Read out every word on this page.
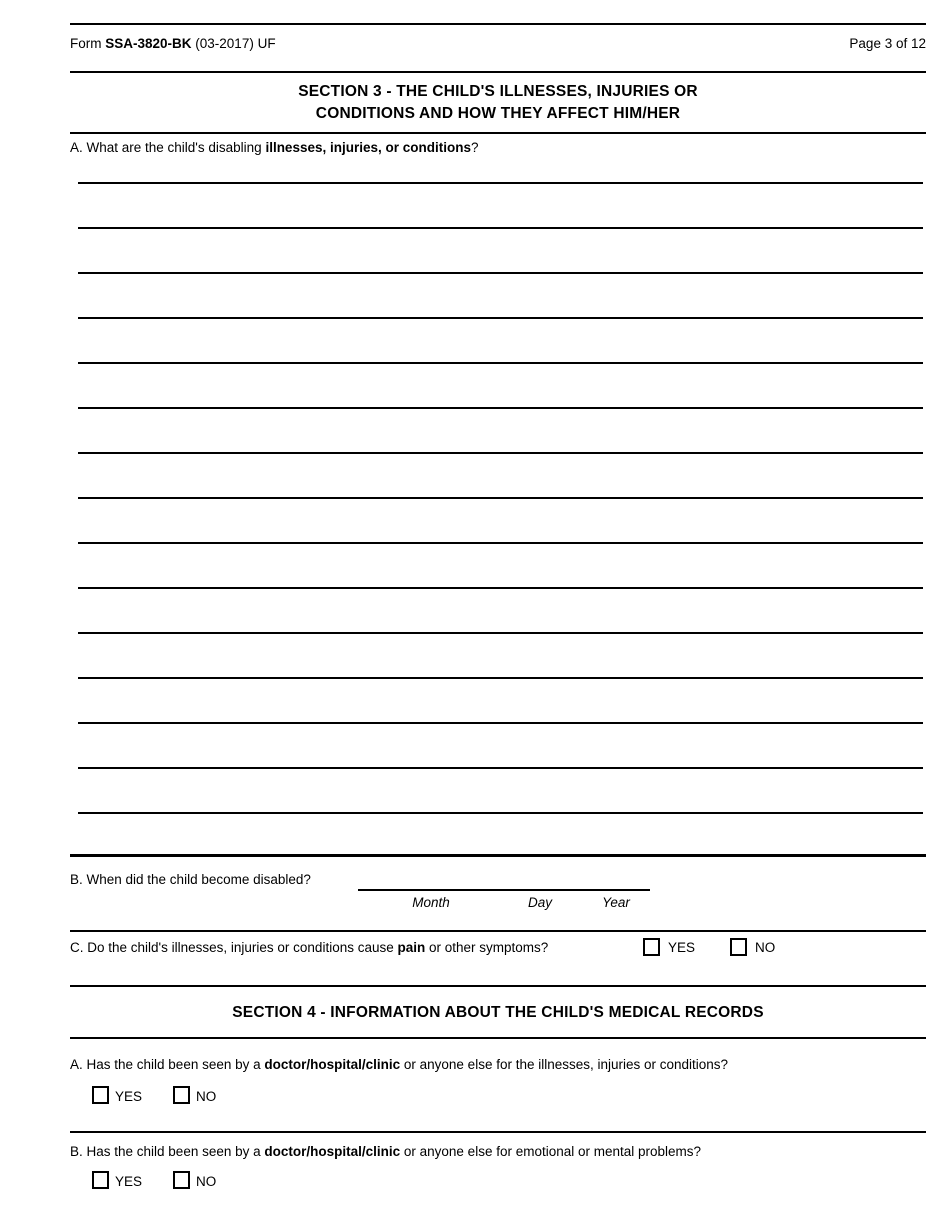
Form SSA-3820-BK (03-2017) UF	Page 3 of 12
SECTION 3 - THE CHILD'S ILLNESSES, INJURIES OR
CONDITIONS AND HOW THEY AFFECT HIM/HER
A. What are the child's disabling illnesses, injuries, or conditions?
B. When did the child become disabled?
Month	Day	Year
C. Do the child's illnesses, injuries or conditions cause pain or other symptoms?	YES	NO
SECTION 4 - INFORMATION ABOUT THE CHILD'S MEDICAL RECORDS
A. Has the child been seen by a doctor/hospital/clinic or anyone else for the illnesses, injuries or conditions?
YES	NO
B. Has the child been seen by a doctor/hospital/clinic or anyone else for emotional or mental problems?
YES	NO
